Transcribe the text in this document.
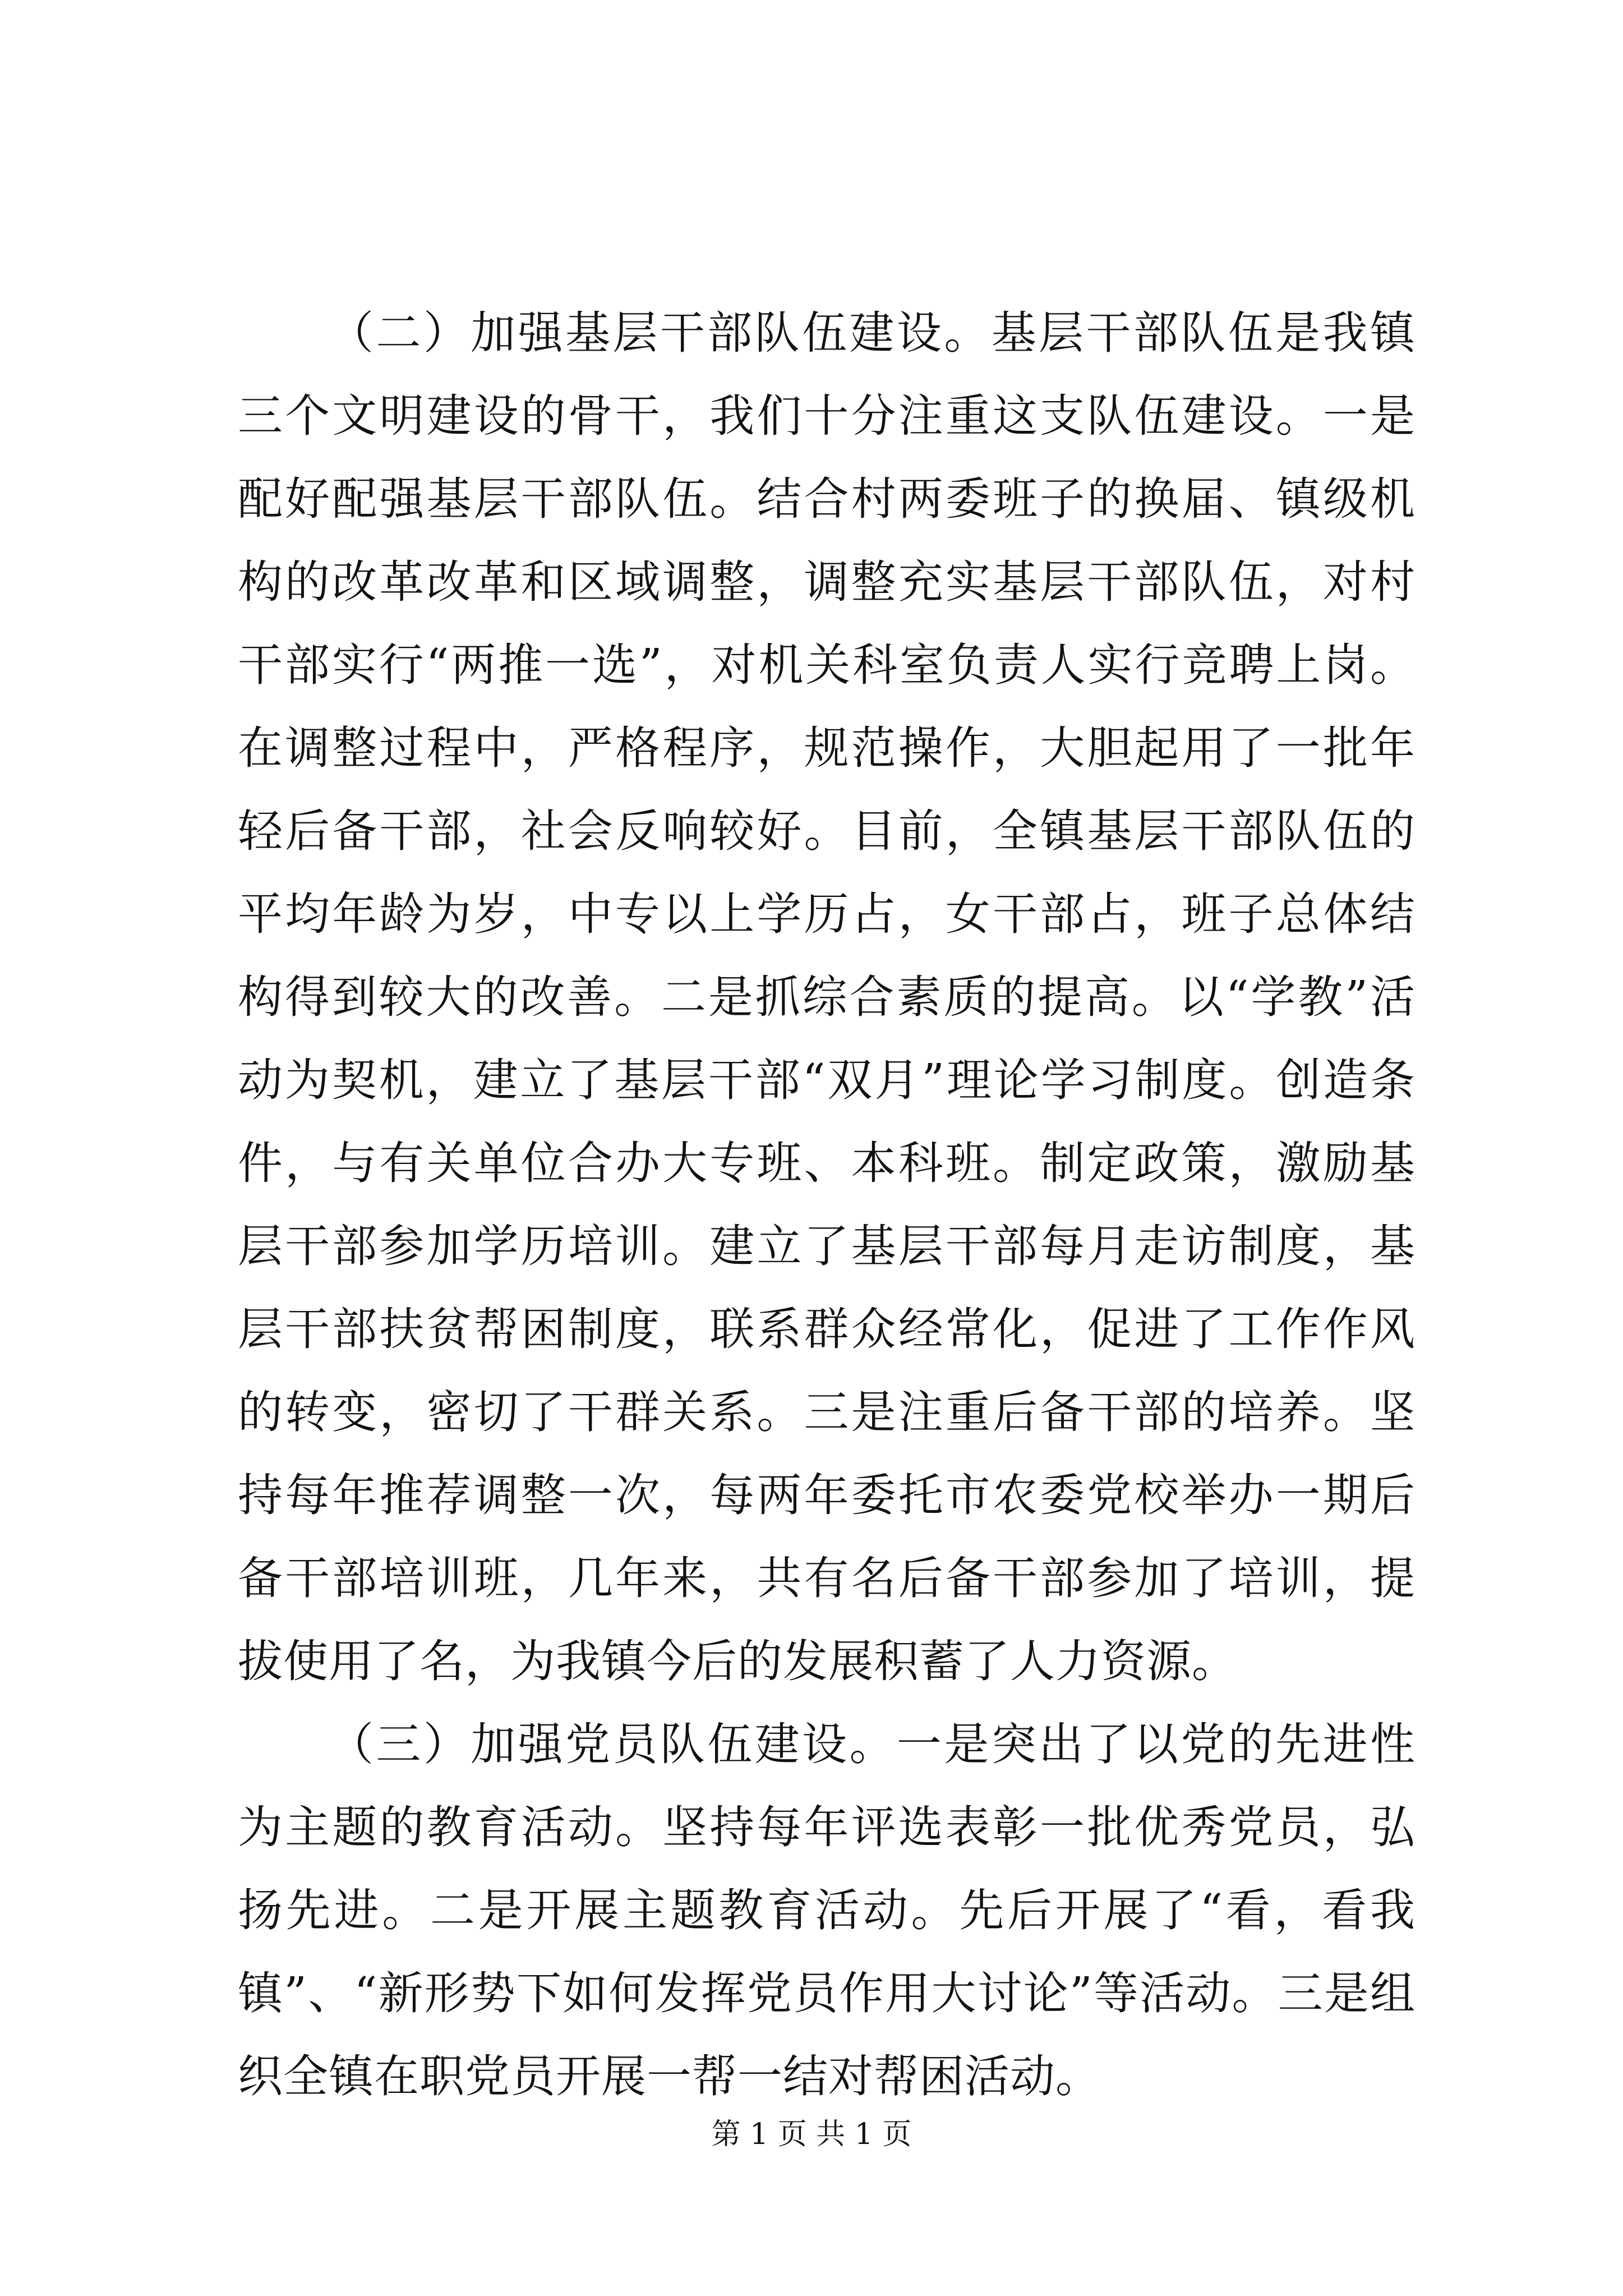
（二）加强基层干部队伍建设。基层干部队伍是我镇三个文明建设的骨干，我们十分注重这支队伍建设。一是配好配强基层干部队伍。结合村两委班子的换届、镇级机构的改革改革和区域调整，调整充实基层干部队伍，对村干部实行“两推一选”，对机关科室负责人实行竞聘上岗。在调整过程中，严格程序，规范操作，大胆起用了一批年轻后备干部，社会反响较好。目前，全镇基层干部队伍的平均年龄为岁，中专以上学历占，女干部占，班子总体结构得到较大的改善。二是抓综合素质的提高。以“学教”活动为契机，建立了基层干部“双月”理论学习制度。创造条件，与有关单位合办大专班、本科班。制定政策，激励基层干部参加学历培训。建立了基层干部每月走访制度，基层干部扶贫帮困制度，联系群众经常化，促进了工作作风的转变，密切了干群关系。三是注重后备干部的培养。坚持每年推荐调整一次，每两年委托市农委党校举办一期后备干部培训班，几年来，共有名后备干部参加了培训，提拔使用了名，为我镇今后的发展积蓄了人力资源。

（三）加强党员队伍建设。一是突出了以党的先进性为主题的教育活动。坚持每年评选表彰一批优秀党员，弘扬先进。二是开展主题教育活动。先后开展了“看，看我镇”、“新形势下如何发挥党员作用大讨论”等活动。三是组织全镇在职党员开展一帮一结对帮困活动。

第 1 页 共 1 页
